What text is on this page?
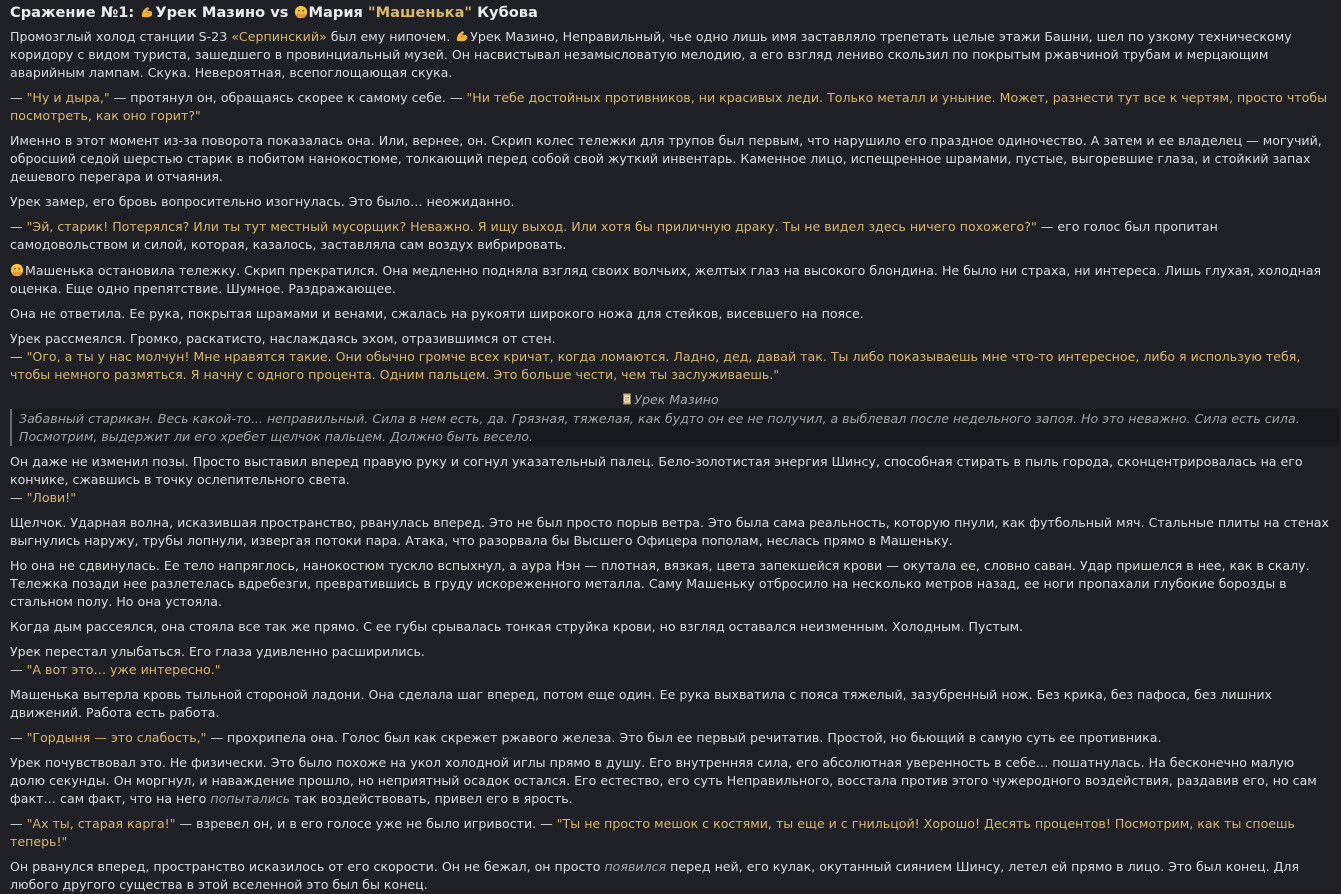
Сражение №1: Урек Мазино vs Мария "Машенька" Кубова

Промозглый холод станции S-23 «Серпинский» был ему нипочем. Урек Мазино, Неправильный, чье одно лишь имя заставляло трепетать целые этажи Башни, шел по узкому техническому коридору с видом туриста, зашедшего в провинциальный музей. Он насвистывал незамысловатую мелодию, а его взгляд лениво скользил по покрытым ржавчиной трубам и мерцающим аварийным лампам. Скука. Невероятная, всепоглощающая скука.

— "Ну и дыра," — протянул он, обращаясь скорее к самому себе. — "Ни тебе достойных противников, ни красивых леди. Только металл и уныние. Может, разнести тут все к чертям, просто чтобы посмотреть, как оно горит?"

Именно в этот момент из-за поворота показалась она. Или, вернее, он. Скрип колес тележки для трупов был первым, что нарушило его праздное одиночество. А затем и ее владелец — могучий, обросший седой шерстью старик в побитом нанокостюме, толкающий перед собой свой жуткий инвентарь. Каменное лицо, испещренное шрамами, пустые, выгоревшие глаза, и стойкий запах дешевого перегара и отчаяния.

Урек замер, его бровь вопросительно изогнулась. Это было… неожиданно.

— "Эй, старик! Потерялся? Или ты тут местный мусорщик? Неважно. Я ищу выход. Или хотя бы приличную драку. Ты не видел здесь ничего похожего?" — его голос был пропитан самодовольством и силой, которая, казалось, заставляла сам воздух вибрировать.

Машенька остановила тележку. Скрип прекратился. Она медленно подняла взгляд своих волчьих, желтых глаз на высокого блондина. Не было ни страха, ни интереса. Лишь глухая, холодная оценка. Еще одно препятствие. Шумное. Раздражающее.

Она не ответила. Ее рука, покрытая шрамами и венами, сжалась на рукояти широкого ножа для стейков, висевшего на поясе.

Урек рассмеялся. Громко, раскатисто, наслаждаясь эхом, отразившимся от стен.
— "Ого, а ты у нас молчун! Мне нравятся такие. Они обычно громче всех кричат, когда ломаются. Ладно, дед, давай так. Ты либо показываешь мне что-то интересное, либо я использую тебя, чтобы немного размяться. Я начну с одного процента. Одним пальцем. Это больше чести, чем ты заслуживаешь."

Урек Мазино
Забавный старикан. Весь какой-то... неправильный. Сила в нем есть, да. Грязная, тяжелая, как будто он ее не получил, а выблевал после недельного запоя. Но это неважно. Сила есть сила. Посмотрим, выдержит ли его хребет щелчок пальцем. Должно быть весело.

Он даже не изменил позы. Просто выставил вперед правую руку и согнул указательный палец. Бело-золотистая энергия Шинсу, способная стирать в пыль города, сконцентрировалась на его кончике, сжавшись в точку ослепительного света.
— "Лови!"

Щелчок. Ударная волна, исказившая пространство, рванулась вперед. Это не был просто порыв ветра. Это была сама реальность, которую пнули, как футбольный мяч. Стальные плиты на стенах выгнулись наружу, трубы лопнули, извергая потоки пара. Атака, что разорвала бы Высшего Офицера пополам, неслась прямо в Машеньку.

Но она не сдвинулась. Ее тело напряглось, нанокостюм тускло вспыхнул, а аура Нэн — плотная, вязкая, цвета запекшейся крови — окутала ее, словно саван. Удар пришелся в нее, как в скалу. Тележка позади нее разлетелась вдребезги, превратившись в груду искореженного металла. Саму Машеньку отбросило на несколько метров назад, ее ноги пропахали глубокие борозды в стальном полу. Но она устояла.

Когда дым рассеялся, она стояла все так же прямо. С ее губы срывалась тонкая струйка крови, но взгляд оставался неизменным. Холодным. Пустым.

Урек перестал улыбаться. Его глаза удивленно расширились.
— "А вот это… уже интересно."

Машенька вытерла кровь тыльной стороной ладони. Она сделала шаг вперед, потом еще один. Ее рука выхватила с пояса тяжелый, зазубренный нож. Без крика, без пафоса, без лишних движений. Работа есть работа.

— "Гордыня — это слабость," — прохрипела она. Голос был как скрежет ржавого железа. Это был ее первый речитатив. Простой, но бьющий в самую суть ее противника.

Урек почувствовал это. Не физически. Это было похоже на укол холодной иглы прямо в душу. Его внутренняя сила, его абсолютная уверенность в себе… пошатнулась. На бесконечно малую долю секунды. Он моргнул, и наваждение прошло, но неприятный осадок остался. Его естество, его суть Неправильного, восстала против этого чужеродного воздействия, раздавив его, но сам факт… сам факт, что на него попытались так воздействовать, привел его в ярость.

— "Ах ты, старая карга!" — взревел он, и в его голосе уже не было игривости. — "Ты не просто мешок с костями, ты еще и с гнильцой! Хорошо! Десять процентов! Посмотрим, как ты споешь теперь!"

Он рванулся вперед, пространство исказилось от его скорости. Он не бежал, он просто появился перед ней, его кулак, окутанный сиянием Шинсу, летел ей прямо в лицо. Это был конец. Для любого другого существа в этой вселенной это был бы конец.
